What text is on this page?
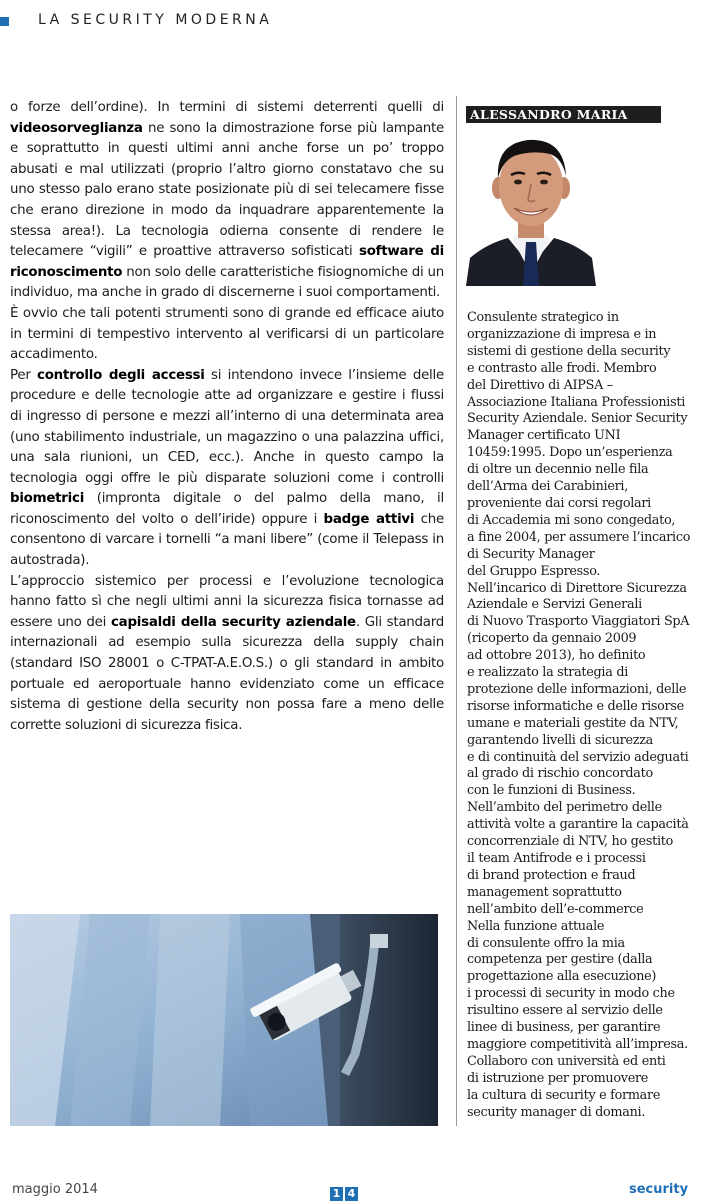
LA SECURITY MODERNA

o forze dell’ordine). In termini di sistemi deterrenti quelli di videosorveglianza ne sono la dimostrazione forse più lampante e soprattutto in questi ultimi anni anche forse un po’ troppo abusati e mal utilizzati (proprio l’altro giorno constatavo che su uno stesso palo erano state posizionate più di sei telecamere fisse che erano direzione in modo da inquadrare apparentemente la stessa area!). La tecnologia odierna consente di rendere le telecamere “vigili” e proattive attraverso sofisticati software di riconoscimento non solo delle caratteristiche fisiognomiche di un individuo, ma anche in grado di discernerne i suoi comportamenti.

È ovvio che tali potenti strumenti sono di grande ed efficace aiuto in termini di tempestivo intervento al verificarsi di un particolare accadimento.

Per controllo degli accessi si intendono invece l’insieme delle procedure e delle tecnologie atte ad organizzare e gestire i flussi di ingresso di persone e mezzi all’interno di una determinata area (uno stabilimento industriale, un magazzino o una palazzina uffici, una sala riunioni, un CED, ecc.). Anche in questo campo la tecnologia oggi offre le più disparate soluzioni come i controlli biometrici (impronta digitale o del palmo della mano, il riconoscimento del volto o dell’iride) oppure i badge attivi che consentono di varcare i tornelli “a mani libere” (come il Telepass in autostrada).

L’approccio sistemico per processi e l’evoluzione tecnologica hanno fatto sì che negli ultimi anni la sicurezza fisica tornasse ad essere uno dei capisaldi della security aziendale. Gli standard internazionali ad esempio sulla sicurezza della supply chain (standard ISO 28001 o C-TPAT-A.E.O.S.) o gli standard in ambito portuale ed aeroportuale hanno evidenziato come un efficace sistema di gestione della security non possa fare a meno delle corrette soluzioni di sicurezza fisica.

ALESSANDRO MARIA
Consulente strategico in
organizzazione di impresa e in
sistemi di gestione della security
e contrasto alle frodi. Membro
del Direttivo di AIPSA –
Associazione Italiana Professionisti
Security Aziendale. Senior Security
Manager certificato UNI
10459:1995. Dopo un’esperienza
di oltre un decennio nelle fila
dell’Arma dei Carabinieri,
proveniente dai corsi regolari
di Accademia mi sono congedato,
a fine 2004, per assumere l’incarico
di Security Manager
del Gruppo Espresso.
Nell’incarico di Direttore Sicurezza
Aziendale e Servizi Generali
di Nuovo Trasporto Viaggiatori SpA
(ricoperto da gennaio 2009
ad ottobre 2013), ho definito
e realizzato la strategia di
protezione delle informazioni, delle
risorse informatiche e delle risorse
umane e materiali gestite da NTV,
garantendo livelli di sicurezza
e di continuità del servizio adeguati
al grado di rischio concordato
con le funzioni di Business.
Nell’ambito del perimetro delle
attività volte a garantire la capacità
concorrenziale di NTV, ho gestito
il team Antifrode e i processi
di brand protection e fraud
management soprattutto
nell’ambito dell’e-commerce
Nella funzione attuale
di consulente offro la mia
competenza per gestire (dalla
progettazione alla esecuzione)
i processi di security in modo che
risultino essere al servizio delle
linee di business, per garantire
maggiore competitività all’impresa.
Collaboro con università ed enti
di istruzione per promuovere
la cultura di security e formare
security manager di domani.
maggio 2014	1 4	security
